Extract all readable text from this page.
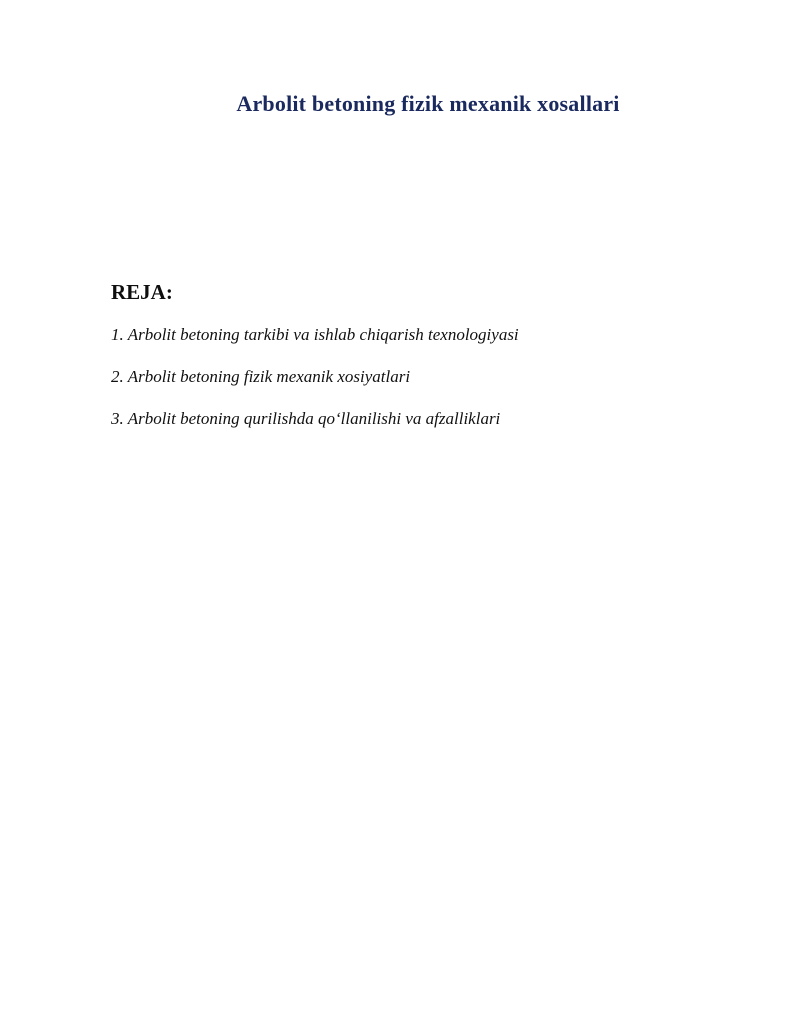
Arbolit betoning fizik mexanik xosallari
REJA:

1. Arbolit betoning tarkibi va ishlab chiqarish texnologiyasi

2. Arbolit betoning fizik mexanik xosiyatlari

3. Arbolit betoning qurilishda qoʻllanilishi va afzalliklari
